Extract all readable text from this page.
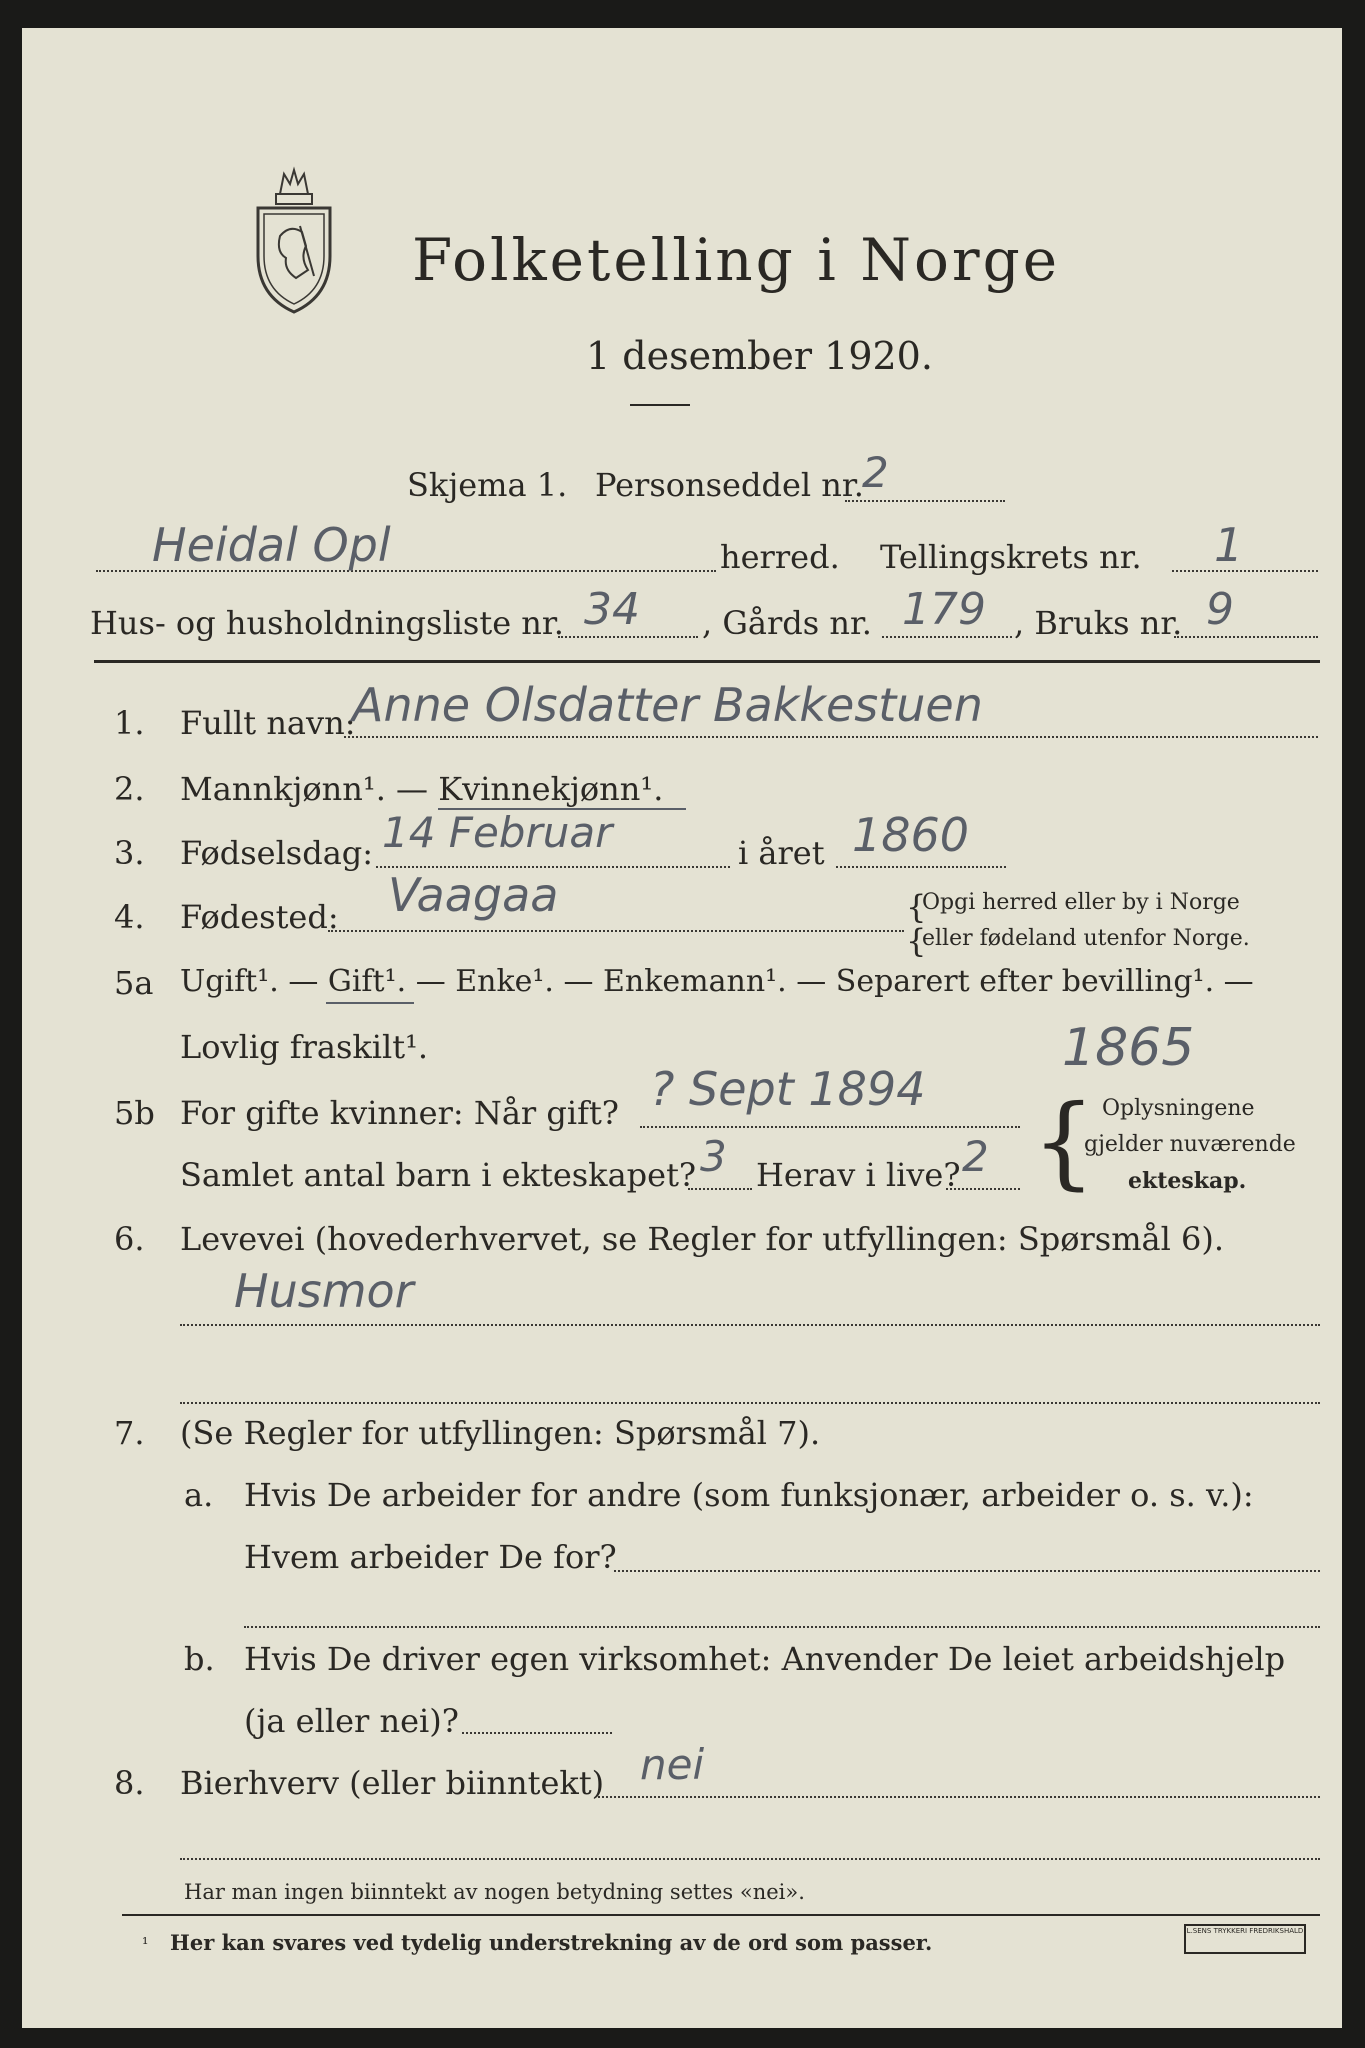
Folketelling i Norge
1 desember 1920.
Skjema 1. Personseddel nr.
2
Heidal Opl	herred. Tellingskrets nr. 1
Hus- og husholdningsliste nr. 34 , Gårds nr. 179 , Bruks nr. 9
1. Fullt navn:
Anne Olsdatter Bakkestuen
2. Mannkjønn¹. — Kvinnekjønn¹.
3. Fødselsdag: 14 Februar	i året 1860
4. Fødested: Vaagaa	{
{
Opgi herred eller by i Norge
eller fødeland utenfor Norge.
5a Ugift¹. — Gift¹. — Enke¹. — Enkemann¹. — Separert efter bevilling¹. —
Lovlig fraskilt¹.
5b For gifte kvinner: Når gift? ? Sept 1894
1865
Samlet antal barn i ekteskapet? 3 Herav i live? 2 { Oplysningene
gjelder nuværende
ekteskap.
6. Levevei (hovederhvervet, se Regler for utfyllingen: Spørsmål 6).
Husmor
7. (Se Regler for utfyllingen: Spørsmål 7).
a. Hvis De arbeider for andre (som funksjonær, arbeider o. s. v.):
Hvem arbeider De for?
b. Hvis De driver egen virksomhet: Anvender De leiet arbeidshjelp
(ja eller nei)?
8. Bierhverv (eller biinntekt) nei
Har man ingen biinntekt av nogen betydning settes «nei».
¹ Her kan svares ved tydelig understrekning av de ord som passer.	L.SENS TRYKKERI FREDRIKSHALD
